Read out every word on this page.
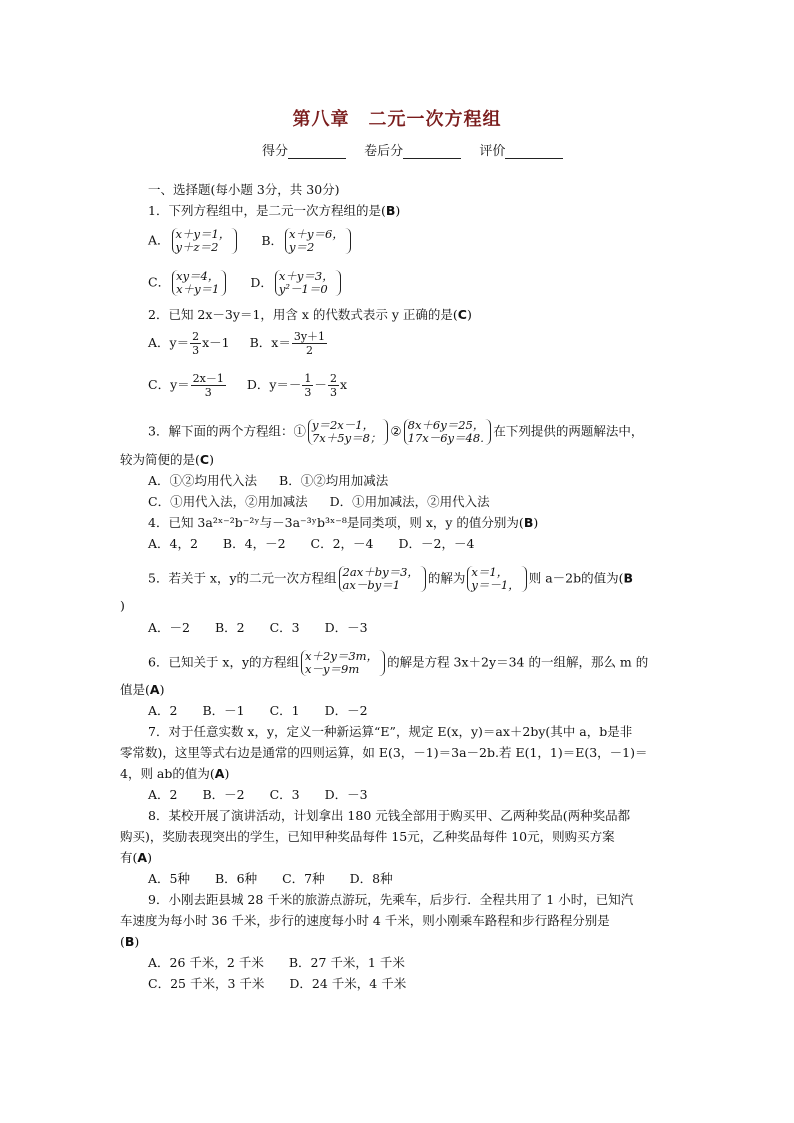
第八章　二元一次方程组
得分	卷后分	评价
一、选择题(每小题 3分，共 30分)
1．下列方程组中，是二元一次方程组的是(B)
A． x＋y＝1，
y＋z＝2	B． x＋y＝6，
y＝2
C． xy＝4，
x＋y＝1 D． x＋y＝3，
y²－1＝0
2．已知 2x－3y＝1，用含 x 的代数式表示 y 正确的是(C)
A．$y= \frac{2}{3} x-1$ B．$x= \frac{3y+1}{2}$
C．$y= \frac{2x-1}{3}$ D．$y=- \frac{1}{3} - \frac{2}{3}$ x
3．解下面的两个方程组：① y＝2x－1，
7x＋5y＝8； ② 8x＋6y＝25，
17x－6y＝48. 在下列提供的两题解法中，
较为简便的是(C)
A．①②均用代入法 B．①②均用加减法
C．①用代入法，②用加减法 D．①用加减法，②用代入法
4．已知 3a²ˣ⁻²b⁻²ʸ与－3a⁻³ʸb³ˣ⁻⁸是同类项，则 x，y 的值分别为(B)
A．4，2　　B．4，－2　　C．2，－4　　D．－2，－4
5．若关于 x，y的二元一次方程组 2ax＋by＝3，
ax－by＝1	的解为 x＝1，
y＝－1， 则 a－2b的值为(B
)
A．－2　　B．2　　C．3　　D．－3
6．已知关于 x，y的方程组 x＋2y＝3m，
x－y＝9m	的解是方程 3x＋2y＝34 的一组解，那么 m 的
值是(A)
A．2　　B．－1　　C．1　　D．－2
7．对于任意实数 x，y，定义一种新运算“E”，规定 E(x，y)＝ax＋2by(其中 a，b是非
零常数)，这里等式右边是通常的四则运算，如 E(3，－1)＝3a－2b.若 E(1，1)＝E(3，－1)＝
4，则 ab的值为(A)
A．2　　B．－2　　C．3　　D．－3
8．某校开展了演讲活动，计划拿出 180 元钱全部用于购买甲、乙两种奖品(两种奖品都
购买)，奖励表现突出的学生，已知甲种奖品每件 15元，乙种奖品每件 10元，则购买方案
有(A)
A．5种　　B．6种　　C．7种　　D．8种
9．小刚去距县城 28 千米的旅游点游玩，先乘车，后步行．全程共用了 1 小时，已知汽
车速度为每小时 36 千米，步行的速度每小时 4 千米，则小刚乘车路程和步行路程分别是
(B)
A．26 千米，2 千米　　B．27 千米，1 千米
C．25 千米，3 千米　　D．24 千米，4 千米
